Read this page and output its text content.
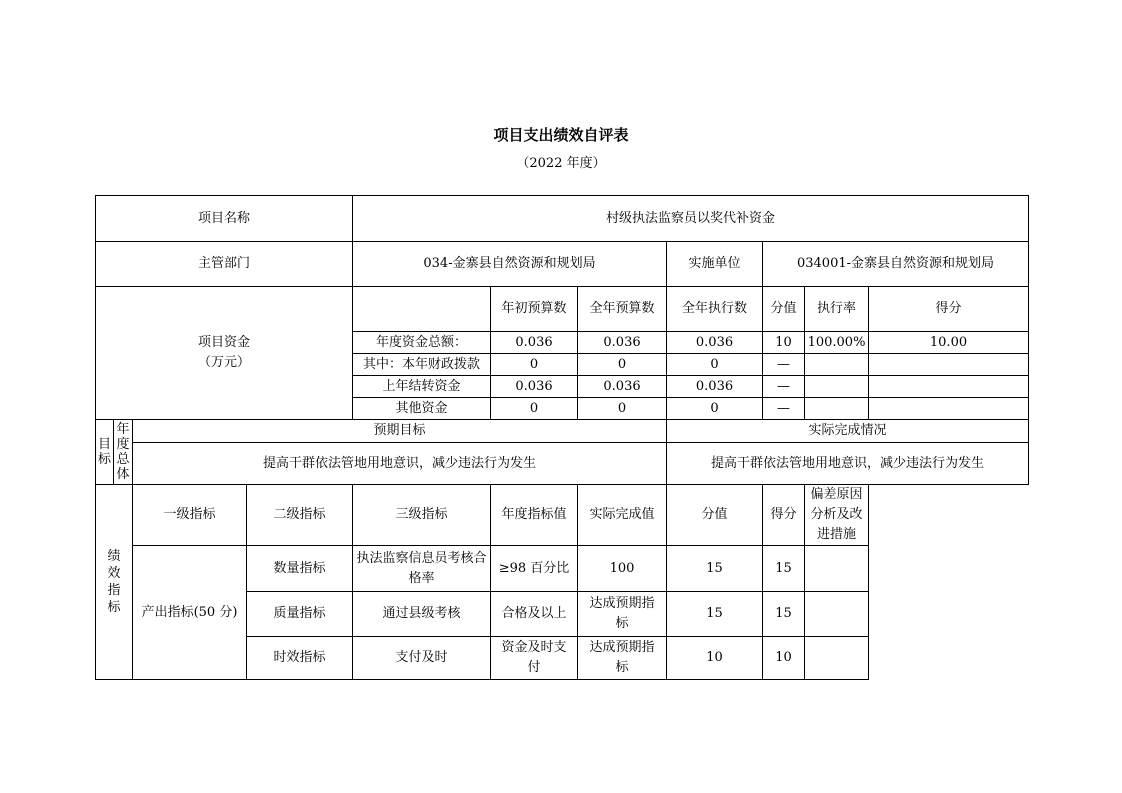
项目支出绩效自评表
（2022 年度）
项目名称				村级执法监察员以奖代补资金						
主管部门				034-金寨县自然资源和规划局			实施单位	034001-金寨县自然资源和规划局		

项目资金
（万元）					年初预算数	全年预算数	全年执行数	分值	执行率	得分
				年度资金总额：	0.036	0.036	0.036	10	100.00%	10.00
				其中：本年财政拨款	0	0	0	—		
				上年结转资金	0.036	0.036	0.036	—		
				其他资金	0	0	0	—		

目标	年度总体	预期目标					实际完成情况			
		提高干群依法管地用地意识，减少违法行为发生					提高干群依法管地用地意识，减少违法行为发生			

绩效指标		一级指标	二级指标	三级指标	年度指标值	实际完成值	分值	得分	偏差原因分析及改进措施	
		产出指标(50 分)	数量指标	执法监察信息员考核合格率	≥98 百分比	100	15	15		
			质量指标	通过县级考核	合格及以上	达成预期指标	15	15		
			时效指标	支付及时	资金及时支付	达成预期指标	10	10		
